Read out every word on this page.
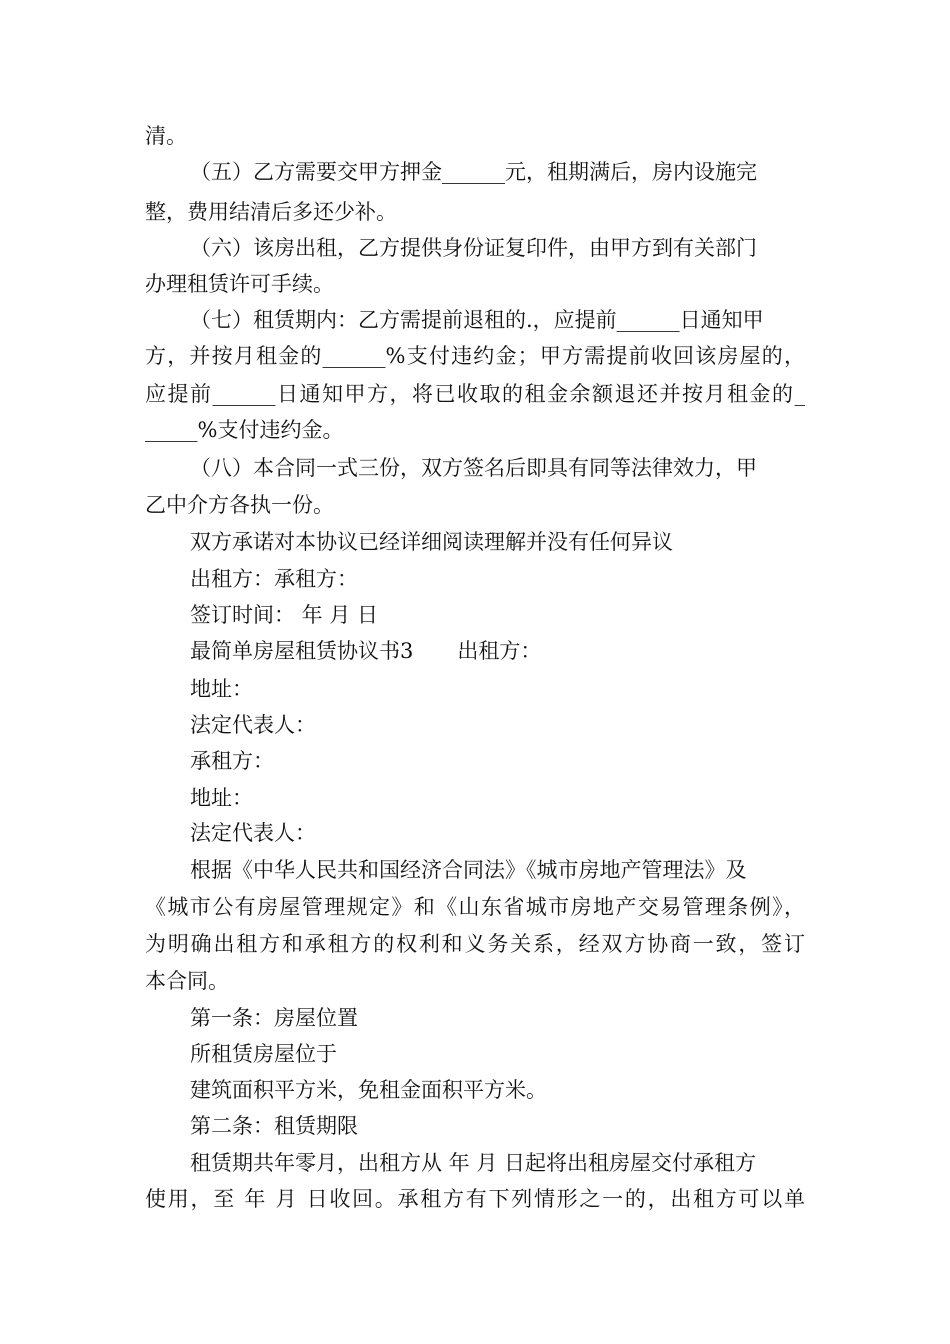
清。
（五）乙方需要交甲方押金______元，租期满后，房内设施完
整，费用结清后多还少补。
（六）该房出租，乙方提供身份证复印件，由甲方到有关部门
办理租赁许可手续。
（七）租赁期内：乙方需提前退租的.，应提前______日通知甲
方，并按月租金的______%支付违约金；甲方需提前收回该房屋的，
应提前______日通知甲方，将已收取的租金余额退还并按月租金的_
_____%支付违约金。
（八）本合同一式三份，双方签名后即具有同等法律效力，甲
乙中介方各执一份。
双方承诺对本协议已经详细阅读理解并没有任何异议
出租方：承租方：
签订时间： 年 月 日
最简单房屋租赁协议书3 出租方：
地址：
法定代表人：
承租方：
地址：
法定代表人：
根据《中华人民共和国经济合同法》《城市房地产管理法》及
《城市公有房屋管理规定》和《山东省城市房地产交易管理条例》，
为明确出租方和承租方的权利和义务关系，经双方协商一致，签订
本合同。
第一条：房屋位置
所租赁房屋位于
建筑面积平方米，免租金面积平方米。
第二条：租赁期限
租赁期共年零月，出租方从 年 月 日起将出租房屋交付承租方
使用，至 年 月 日收回。承租方有下列情形之一的，出租方可以单
